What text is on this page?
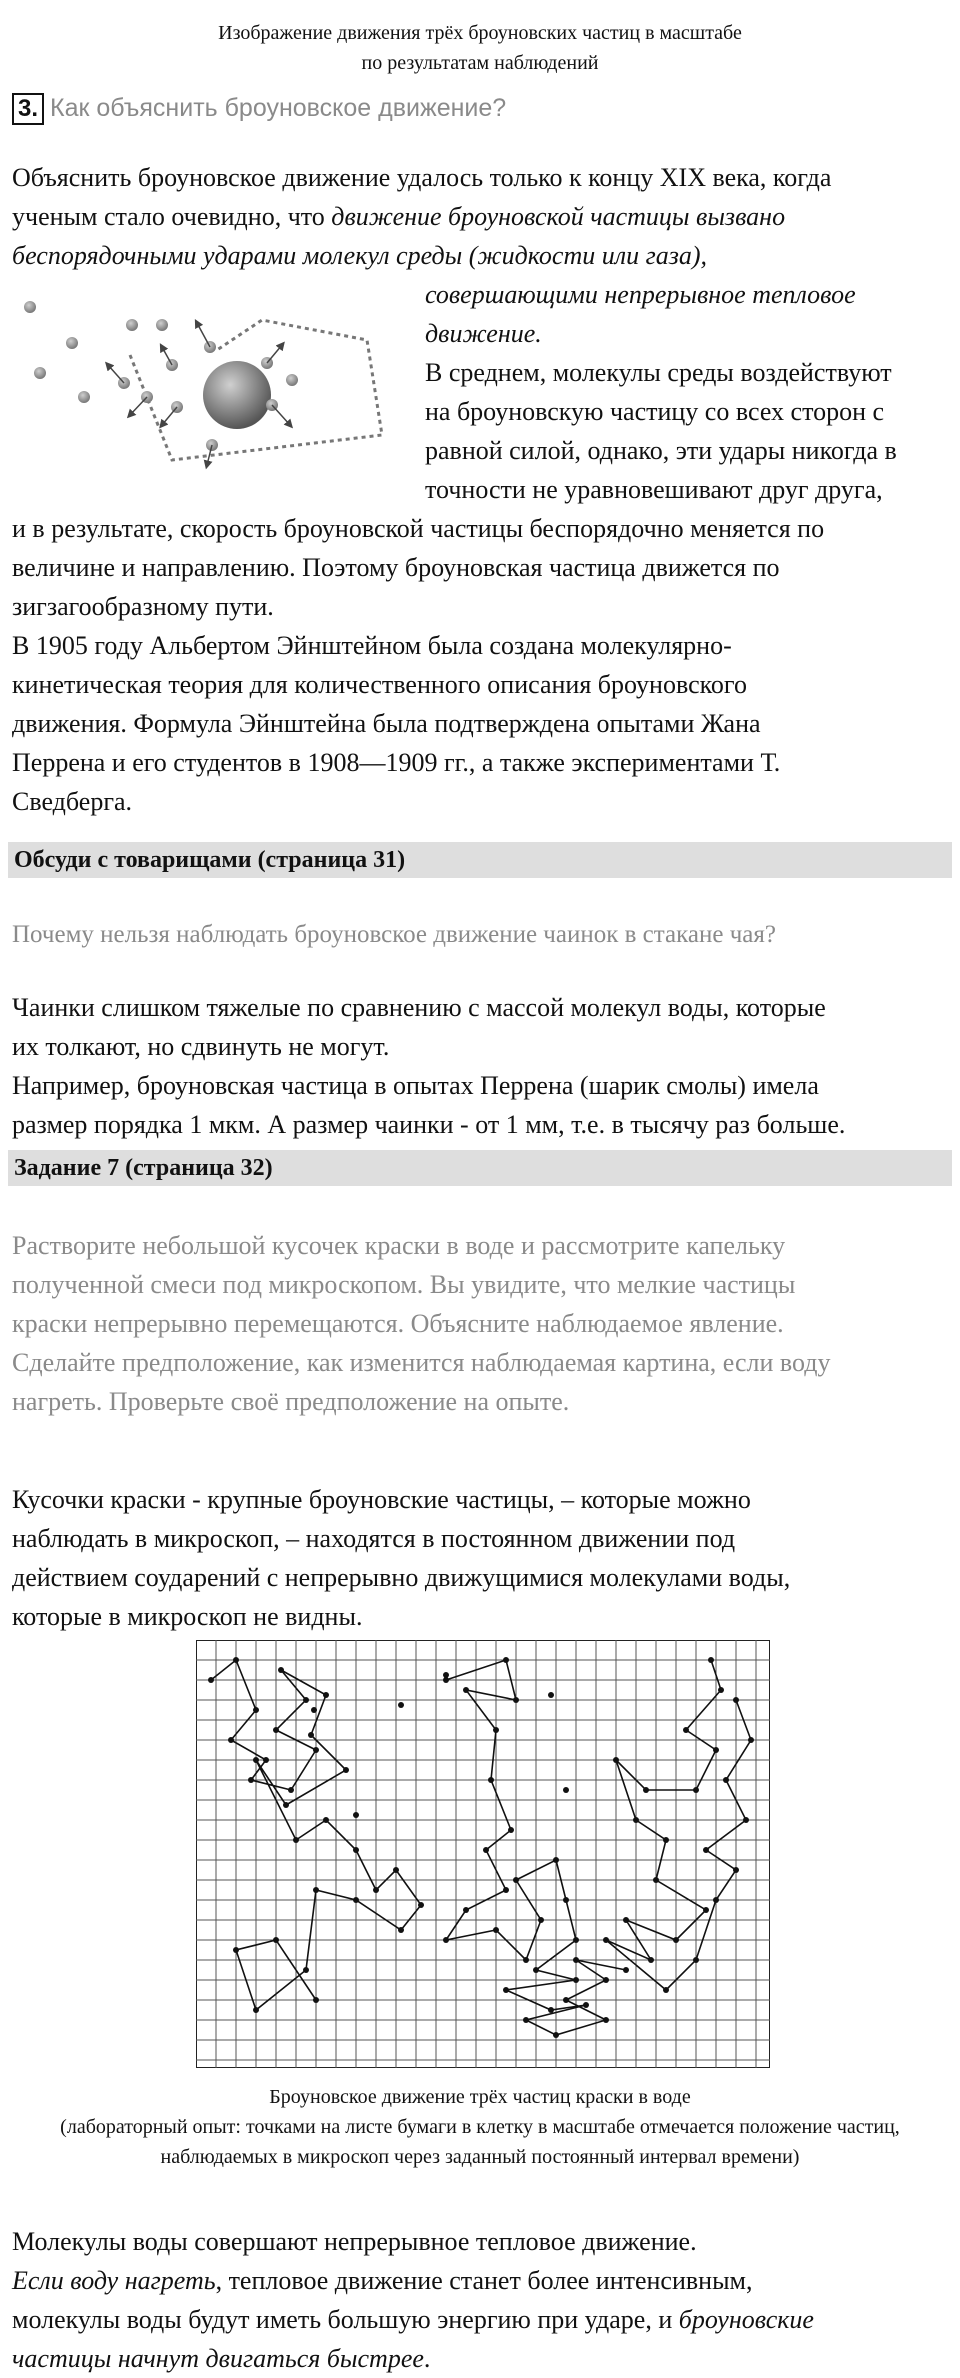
Изображение движения трёх броуновских частиц в масштабе
по результатам наблюдений
3. Как объяснить броуновское движение?
Объяснить броуновское движение удалось только к концу XIX века, когда
ученым стало очевидно, что движение броуновской частицы вызвано
беспорядочными ударами молекул среды (жидкости или газа),
совершающими непрерывное тепловое
движение.
В среднем, молекулы среды воздействуют
на броуновскую частицу со всех сторон с
равной силой, однако, эти удары никогда в
точности не уравновешивают друг друга,
и в результате, скорость броуновской частицы беспорядочно меняется по
величине и направлению. Поэтому броуновская частица движется по
зигзагообразному пути.
В 1905 году Альбертом Эйнштейном была создана молекулярно-
кинетическая теория для количественного описания броуновского
движения. Формула Эйнштейна была подтверждена опытами Жана
Перрена и его студентов в 1908—1909 гг., а также экспериментами Т.
Сведберга.
Обсуди с товарищами (страница 31)
Почему нельзя наблюдать броуновское движение чаинок в стакане чая?
Чаинки слишком тяжелые по сравнению с массой молекул воды, которые
их толкают, но сдвинуть не могут.
Например, броуновская частица в опытах Перрена (шарик смолы) имела
размер порядка 1 мкм. А размер чаинки - от 1 мм, т.е. в тысячу раз больше.
Задание 7 (страница 32)
Растворите небольшой кусочек краски в воде и рассмотрите капельку
полученной смеси под микроскопом. Вы увидите, что мелкие частицы
краски непрерывно перемещаются. Объясните наблюдаемое явление.
Сделайте предположение, как изменится наблюдаемая картина, если воду
нагреть. Проверьте своё предположение на опыте.
Кусочки краски - крупные броуновские частицы, – которые можно
наблюдать в микроскоп, – находятся в постоянном движении под
действием соударений с непрерывно движущимися молекулами воды,
которые в микроскоп не видны.
Броуновское движение трёх частиц краски в воде
(лабораторный опыт: точками на листе бумаги в клетку в масштабе отмечается положение частиц,
наблюдаемых в микроскоп через заданный постоянный интервал времени)
Молекулы воды совершают непрерывное тепловое движение.
Если воду нагреть, тепловое движение станет более интенсивным,
молекулы воды будут иметь большую энергию при ударе, и броуновские
частицы начнут двигаться быстрее.
